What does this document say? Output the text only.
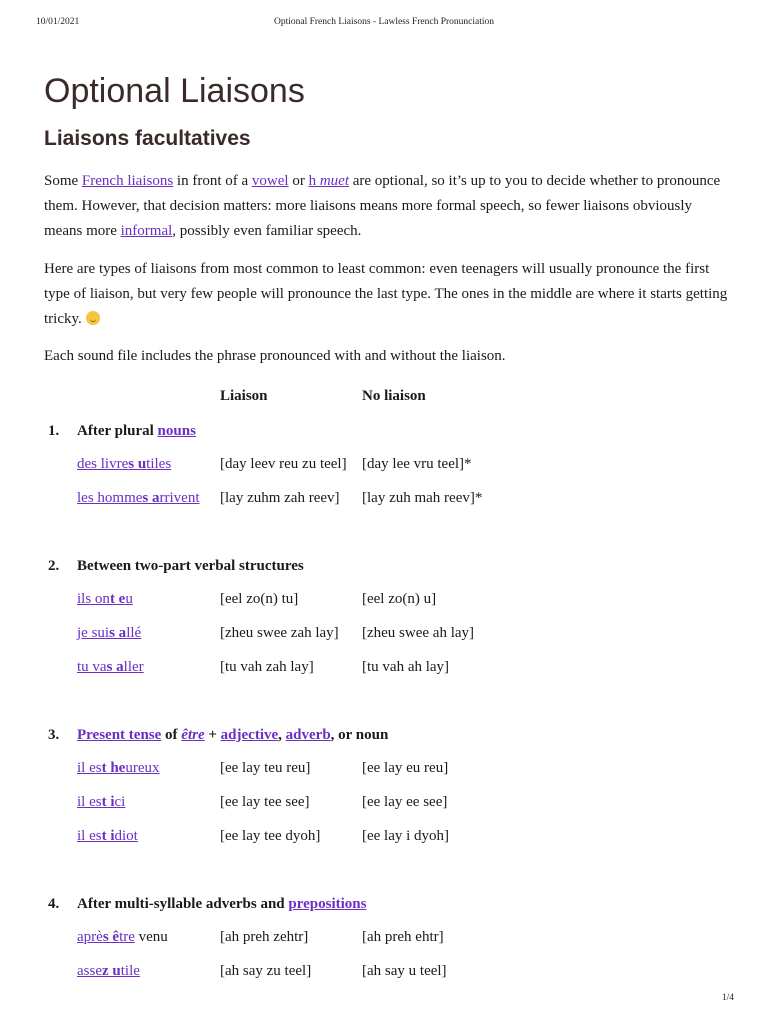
10/01/2021	Optional French Liaisons - Lawless French Pronunciation
Optional Liaisons
Liaisons facultatives

Some French liaisons in front of a vowel or h muet are optional, so it’s up to you to decide whether to pronounce them. However, that decision matters: more liaisons means more formal speech, so fewer liaisons obviously means more informal, possibly even familiar speech.

Here are types of liaisons from most common to least common: even teenagers will usually pronounce the first type of liaison, but very few people will pronounce the last type. The ones in the middle are where it starts getting tricky.

Each sound file includes the phrase pronounced with and without the liaison.

Liaison	No liaison
1. After plural nouns
des livres utiles	[day leev reu zu teel] [day lee vru teel]*
les hommes arrivent [lay zuhm zah reev] [lay zuh mah reev]*
2. Between two-part verbal structures
ils ont eu	[eel zo(n) tu]	[eel zo(n) u]
je suis allé	[zheu swee zah lay] [zheu swee ah lay]
tu vas aller	[tu vah zah lay]	[tu vah ah lay]
3. Present tense of être + adjective, adverb, or noun
il est heureux	[ee lay teu reu]	[ee lay eu reu]
il est ici	[ee lay tee see]	[ee lay ee see]
il est idiot	[ee lay tee dyoh]	[ee lay i dyoh]
4. After multi-syllable adverbs and prepositions
après être venu	[ah preh zehtr]	[ah preh ehtr]
assez utile	[ah say zu teel]	[ah say u teel]
1/4
